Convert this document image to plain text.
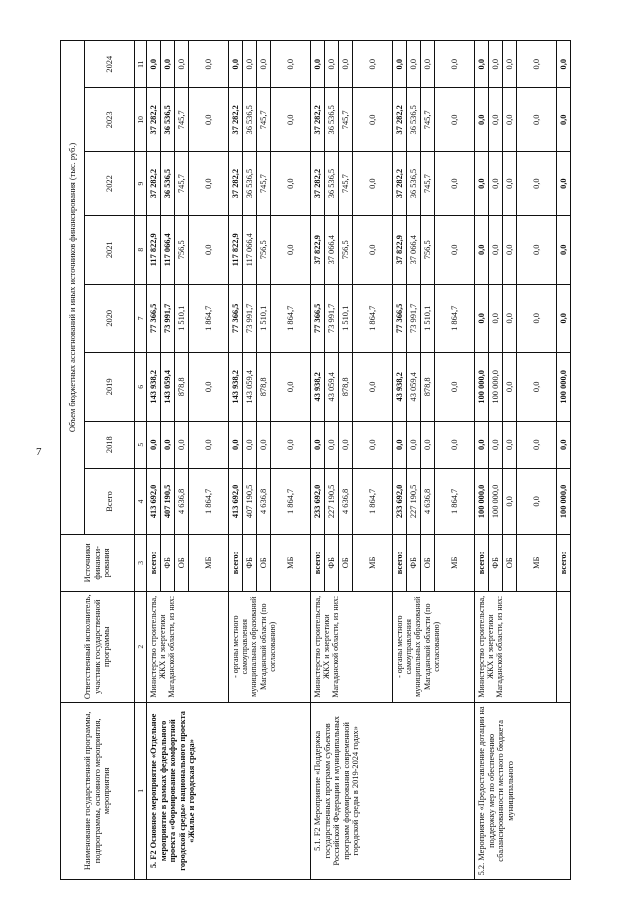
7
Наименование государственной программы, подпрограммы, основного мероприятия, мероприятия	Ответственный исполнитель, участник государственной программы	Источники финанси-рования	Объем бюджетных ассигнований и иных источников финансирования (тыс. руб.)							
			Всего	2018	2019	2020	2021	2022	2023	2024
1	2	3	4	5	6	7	8	9	10	11
5. F2 Основное мероприятие «Отдельное мероприятие в рамках федерального проекта «Формирование комфортной городской среды» национального проекта «Жилье и городская среда»	Министерство строительства, ЖКХ и энергетики Магаданской области, из них:	всего:	413 692,0	0,0	143 938,2	77 366,5	117 822,9	37 282,2	37 282,2	0,0
		ФБ	407 190,5	0,0	143 059,4	73 991,7	117 066,4	36 536,5	36 536,5	0,0
		ОБ	4 636,8	0,0	878,8	1 510,1	756,5	745,7	745,7	0,0
		МБ	1 864,7	0,0	0,0	1 864,7	0,0	0,0	0,0	0,0
	- органы местного самоуправления муниципальных образований Магаданской области (по согласованию)	всего:	413 692,0	0,0	143 938,2	77 366,5	117 822,9	37 282,2	37 282,2	0,0
		ФБ	407 190,5	0,0	143 059,4	73 991,7	117 066,4	36 536,5	36 536,5	0,0
		ОБ	4 636,8	0,0	878,8	1 510,1	756,5	745,7	745,7	0,0
		МБ	1 864,7	0,0	0,0	1 864,7	0,0	0,0	0,0	0,0
5.1. F2 Мероприятие «Поддержка государственных программ субъектов Российской Федерации и муниципальных программ формирования современной городской среды в 2019-2024 годах»	Министерство строительства, ЖКХ и энергетики Магаданской области, из них:	всего:	233 692,0	0,0	43 938,2	77 366,5	37 822,9	37 282,2	37 282,2	0,0
		ФБ	227 190,5	0,0	43 059,4	73 991,7	37 066,4	36 536,5	36 536,5	0,0
		ОБ	4 636,8	0,0	878,8	1 510,1	756,5	745,7	745,7	0,0
		МБ	1 864,7	0,0	0,0	1 864,7	0,0	0,0	0,0	0,0
	- органы местного самоуправления муниципальных образований Магаданской области (по согласованию)	всего:	233 692,0	0,0	43 938,2	77 366,5	37 822,9	37 282,2	37 282,2	0,0
		ФБ	227 190,5	0,0	43 059,4	73 991,7	37 066,4	36 536,5	36 536,5	0,0
		ОБ	4 636,8	0,0	878,8	1 510,1	756,5	745,7	745,7	0,0
		МБ	1 864,7	0,0	0,0	1 864,7	0,0	0,0	0,0	0,0
5.2. Мероприятие «Предоставление дотации на поддержку мер по обеспечению сбалансированности местного бюджета муниципального	Министерство строительства, ЖКХ и энергетики Магаданской области, из них:	всего:	100 000,0	0,0	100 000,0	0,0	0,0	0,0	0,0	0,0
		ФБ	100 000,0	0,0	100 000,0	0,0	0,0	0,0	0,0	0,0
		ОБ	0,0	0,0	0,0	0,0	0,0	0,0	0,0	0,0
		МБ	0,0	0,0	0,0	0,0	0,0	0,0	0,0	0,0
		всего:	100 000,0	0,0	100 000,0	0,0	0,0	0,0	0,0	0,0
